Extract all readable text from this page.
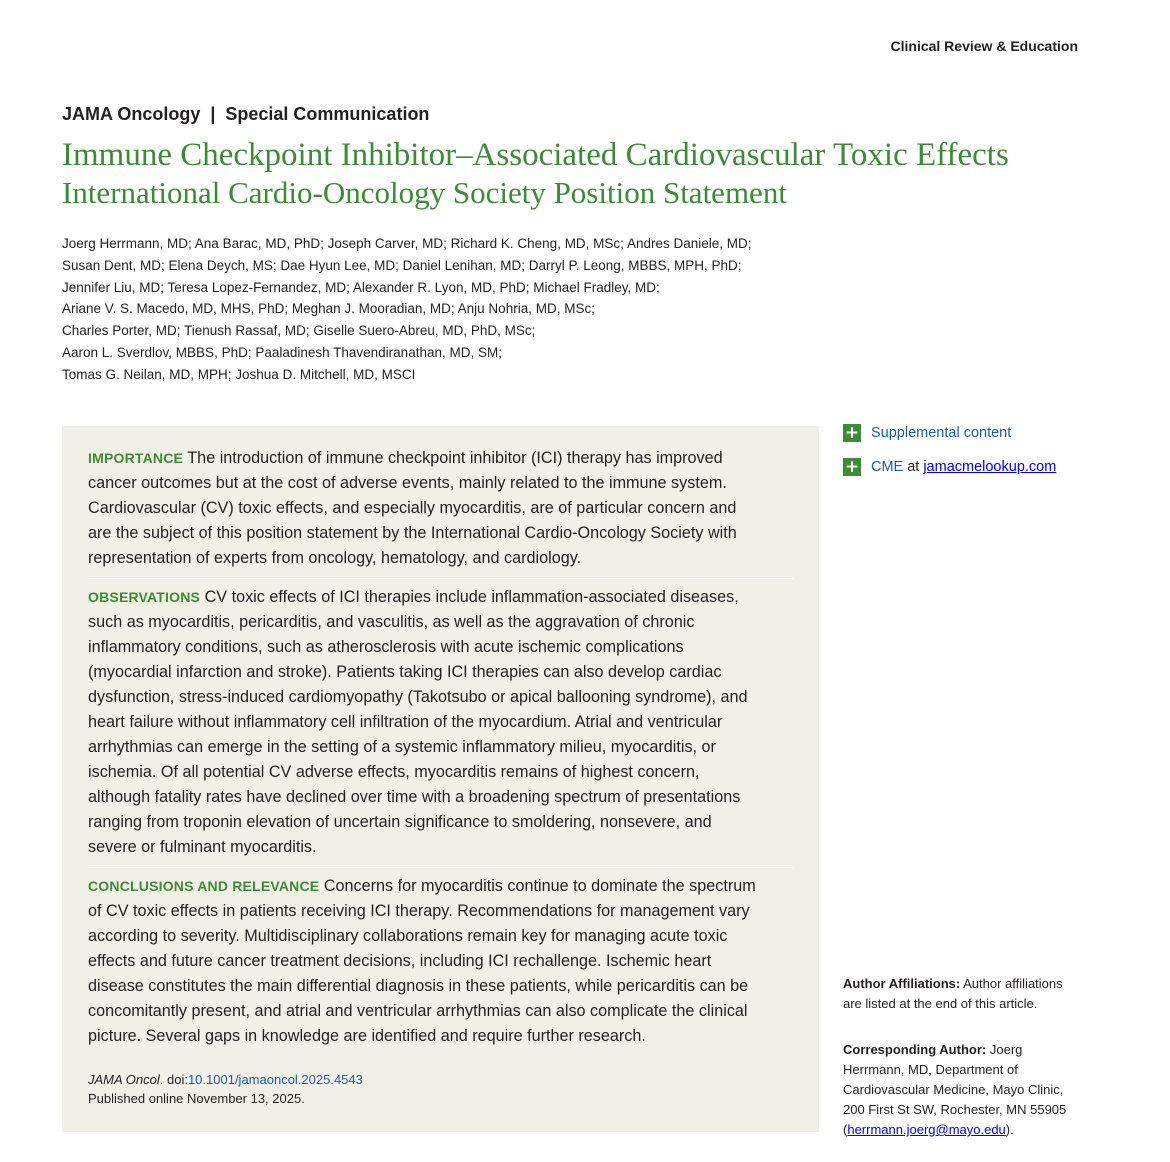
Clinical Review & Education
JAMA Oncology | Special Communication
Immune Checkpoint Inhibitor–Associated Cardiovascular Toxic Effects
International Cardio-Oncology Society Position Statement
Joerg Herrmann, MD; Ana Barac, MD, PhD; Joseph Carver, MD; Richard K. Cheng, MD, MSc; Andres Daniele, MD;
Susan Dent, MD; Elena Deych, MS; Dae Hyun Lee, MD; Daniel Lenihan, MD; Darryl P. Leong, MBBS, MPH, PhD;
Jennifer Liu, MD; Teresa Lopez-Fernandez, MD; Alexander R. Lyon, MD, PhD; Michael Fradley, MD;
Ariane V. S. Macedo, MD, MHS, PhD; Meghan J. Mooradian, MD; Anju Nohria, MD, MSc;
Charles Porter, MD; Tienush Rassaf, MD; Giselle Suero-Abreu, MD, PhD, MSc;
Aaron L. Sverdlov, MBBS, PhD; Paaladinesh Thavendiranathan, MD, SM;
Tomas G. Neilan, MD, MPH; Joshua D. Mitchell, MD, MSCI
IMPORTANCE The introduction of immune checkpoint inhibitor (ICI) therapy has improved
cancer outcomes but at the cost of adverse events, mainly related to the immune system.
Cardiovascular (CV) toxic effects, and especially myocarditis, are of particular concern and
are the subject of this position statement by the International Cardio-Oncology Society with
representation of experts from oncology, hematology, and cardiology.
OBSERVATIONS CV toxic effects of ICI therapies include inflammation-associated diseases,
such as myocarditis, pericarditis, and vasculitis, as well as the aggravation of chronic
inflammatory conditions, such as atherosclerosis with acute ischemic complications
(myocardial infarction and stroke). Patients taking ICI therapies can also develop cardiac
dysfunction, stress-induced cardiomyopathy (Takotsubo or apical ballooning syndrome), and
heart failure without inflammatory cell infiltration of the myocardium. Atrial and ventricular
arrhythmias can emerge in the setting of a systemic inflammatory milieu, myocarditis, or
ischemia. Of all potential CV adverse effects, myocarditis remains of highest concern,
although fatality rates have declined over time with a broadening spectrum of presentations
ranging from troponin elevation of uncertain significance to smoldering, nonsevere, and
severe or fulminant myocarditis.
CONCLUSIONS AND RELEVANCE Concerns for myocarditis continue to dominate the spectrum
of CV toxic effects in patients receiving ICI therapy. Recommendations for management vary
according to severity. Multidisciplinary collaborations remain key for managing acute toxic
effects and future cancer treatment decisions, including ICI rechallenge. Ischemic heart
disease constitutes the main differential diagnosis in these patients, while pericarditis can be
concomitantly present, and atrial and ventricular arrhythmias can also complicate the clinical
picture. Several gaps in knowledge are identified and require further research.
JAMA Oncol. doi:10.1001/jamaoncol.2025.4543
Published online November 13, 2025.
+ Supplemental content
+ CME at jamacmelookup.com
Author Affiliations: Author affiliations are listed at the end of this article.
Corresponding Author: Joerg Herrmann, MD, Department of Cardiovascular Medicine, Mayo Clinic, 200 First St SW, Rochester, MN 55905 (herrmann.joerg@mayo.edu).
